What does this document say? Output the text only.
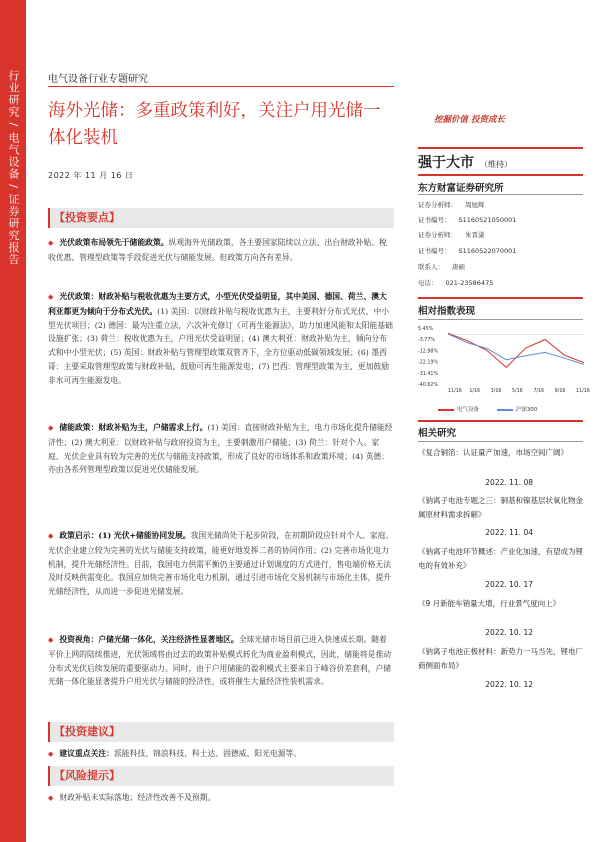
行业研究 / 电气设备 / 证券研究报告	电气设备行业专题研究
海外光储：多重政策利好，关注户用光储一体化装机
2022 年 11 月 16 日
挖掘价值 投资成长
强于大市 （维持）
东方财富证券研究所
证券分析师： 周旭辉
证书编号： S1160521050001
证券分析师： 朱晋潇
证书编号： S1160522070001
联系人： 唐硕
电话： 021-23586475
相对指数表现
5.45%
-3.77%
-12.98%
-22.19%
-31.41%
-40.62%
11/16 1/16 3/16 5/16 7/16 9/16 11/16
电气设备	沪深300
相关研究
《复合铜箔：认证量产加速，市场空间广阔》
2022. 11. 08
《钠离子电池专题之三：铜基和镍基层状氧化物金属原材料需求拆解》
2022. 11. 04
《钠离子电池环节概述：产业化加速，有望成为锂电的有效补充》
2022. 10. 17
《9 月新能车销量大增，行业景气度向上》
2022. 10. 12
《钠离子电池正极材料：新势力一马当先，锂电厂商侧面布局》
2022. 10. 12
【投资要点】
◆ 光伏政策布局领先于储能政策。纵观海外光储政策，各主要国家陆续以立法、出台财政补贴、税收优惠、管理型政策等手段促进光伏与储能发展。但政策方向各有差异。
◆ 光伏政策：财政补贴与税收优惠为主要方式，小型光伏受益明显，其中美国、德国、荷兰、澳大利亚都更为倾向于分布式光伏。(1) 美国：以财政补贴与税收优惠为主，主要利好分布式光伏、中小型光伏项目；(2) 德国：最为注重立法，六次补充修订《可再生能源法》，助力加速风能和太阳能基础设施扩张；(3) 荷兰：税收优惠为主，户用光伏受益明显；(4) 澳大利亚：财政补贴为主，倾向分布式和中小型光伏；(5) 英国：财政补贴与管理型政策双管齐下，全方位驱动低碳领域发展；(6) 墨西哥：主要采取管理型政策与财政补贴，鼓励可再生能源发电；(7) 巴西：管理型政策为主，更加鼓励非水可再生能源发电。
◆ 储能政策：财政补贴为主，户储需求上行。(1) 美国：直接财政补贴为主，电力市场化提升储能经济性；(2) 澳大利亚：以财政补贴与政府投资为主，主要刺激用户储能；(3) 荷兰：针对个人、家庭、光伏企业具有较为完善的光伏与储能支持政策，形成了良好的市场体系和政策环境；(4) 英德：亦由各系列管理型政策以促进光伏储能发展。
◆ 政策启示：(1) 光伏+储能协同发展。我国光储尚处于起步阶段，在初期阶段应针对个人、家庭、光伏企业建立较为完善的光伏与储能支持政策，能更好地发挥二者的协同作用；(2) 完善市场化电力机制，提升光储经济性。目前，我国电力供需平衡仍主要通过计划调度的方式进行，售电端价格无法及时反映供需变化。我国应加快完善市场化电力机制，通过引进市场化交易机制与市场化主体，提升光储经济性，从而进一步促进光储发展。
◆ 投资视角：户储光储一体化，关注经济性显著地区。全球光储市场目前已进入快速成长期。随着平价上网的陆续推进，光伏领域将由过去的政策补贴模式转化为商业盈利模式，因此，储能将是推动分布式光伏后续发展的重要驱动力。同时，由于户用储能的盈利模式主要来自于峰谷价差套利，户储光储一体化能显著提升户用光伏与储能的经济性，或将催生大量经济性装机需求。
【投资建议】
◆ 建议重点关注：派能科技、锦浪科技、科士达、固德威、阳光电源等。
【风险提示】
◆ 财政补贴未实际落地；经济性改善不及预期。
